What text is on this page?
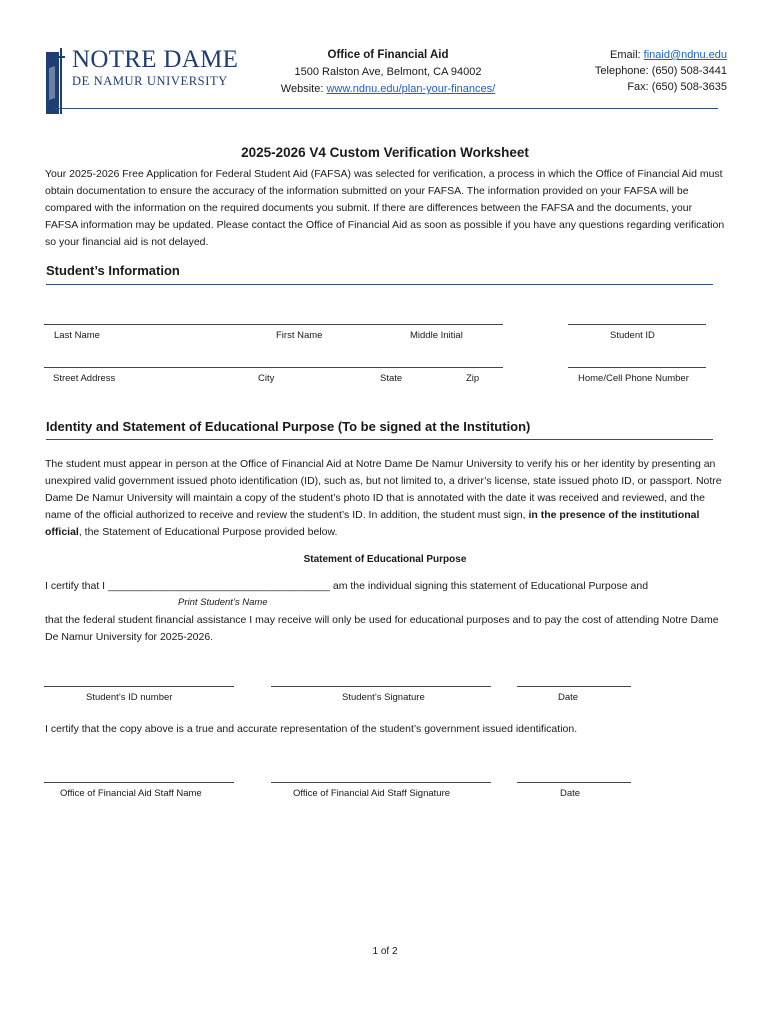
NOTRE DAME
DE NAMUR UNIVERSITY
Office of Financial Aid
1500 Ralston Ave, Belmont, CA 94002
Website: www.ndnu.edu/plan-your-finances/
Email: finaid@ndnu.edu
Telephone: (650) 508-3441
Fax: (650) 508-3635
2025-2026 V4 Custom Verification Worksheet
Your 2025-2026 Free Application for Federal Student Aid (FAFSA) was selected for verification, a process in which the Office of Financial Aid must obtain documentation to ensure the accuracy of the information submitted on your FAFSA. The information provided on your FAFSA will be compared with the information on the required documents you submit. If there are differences between the FAFSA and the documents, your FAFSA information may be updated. Please contact the Office of Financial Aid as soon as possible if you have any questions regarding verification so your financial aid is not delayed.
Student’s Information
Last Name	First Name	Middle Initial	Student ID
Street Address	City	State	Zip	Home/Cell Phone Number
Identity and Statement of Educational Purpose (To be signed at the Institution)
The student must appear in person at the Office of Financial Aid at Notre Dame De Namur University to verify his or her identity by presenting an unexpired valid government issued photo identification (ID), such as, but not limited to, a driver’s license, state issued photo ID, or passport. Notre Dame De Namur University will maintain a copy of the student’s photo ID that is annotated with the date it was received and reviewed, and the name of the official authorized to receive and review the student’s ID. In addition, the student must sign, in the presence of the institutional official, the Statement of Educational Purpose provided below.
Statement of Educational Purpose
I certify that I ______________________________________ am the individual signing this statement of Educational Purpose and
Print Student’s Name
that the federal student financial assistance I may receive will only be used for educational purposes and to pay the cost of attending Notre Dame De Namur University for 2025-2026.
Student’s ID number	Student’s Signature	Date
I certify that the copy above is a true and accurate representation of the student’s government issued identification.
Office of Financial Aid Staff Name	Office of Financial Aid Staff Signature	Date
1 of 2
